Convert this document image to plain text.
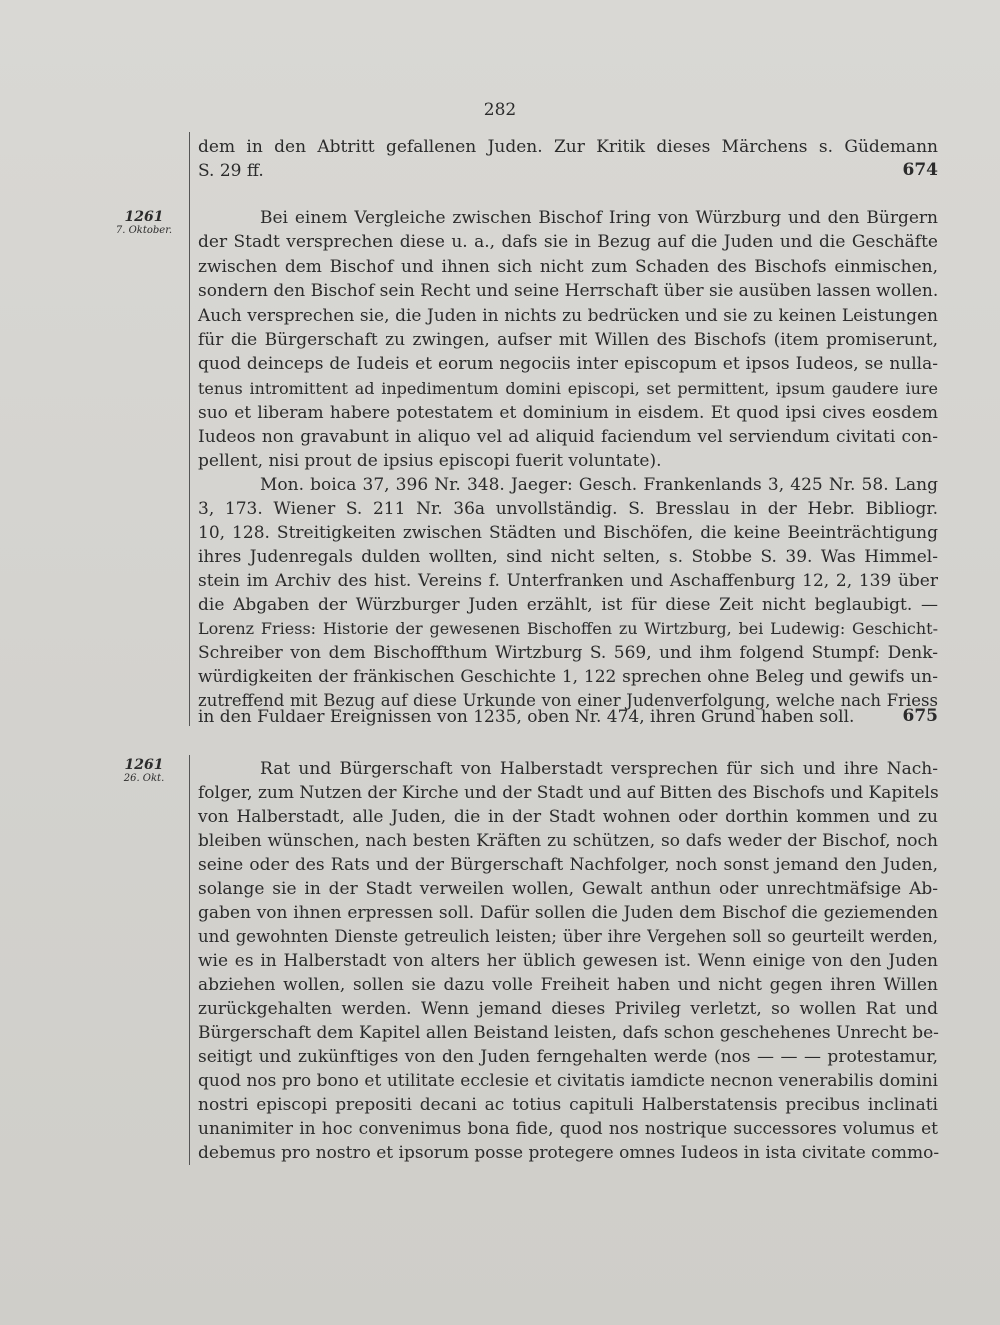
282
1261
7. Oktober.
1261
26. Okt.
674
675
dem in den Abtritt gefallenen Juden. Zur Kritik dieses Märchens s. Güdemann
S. 29 ff.
Bei einem Vergleiche zwischen Bischof Iring von Würzburg und den Bürgern
der Stadt versprechen diese u. a., dafs sie in Bezug auf die Juden und die Geschäfte
zwischen dem Bischof und ihnen sich nicht zum Schaden des Bischofs einmischen,
sondern den Bischof sein Recht und seine Herrschaft über sie ausüben lassen wollen.
Auch versprechen sie, die Juden in nichts zu bedrücken und sie zu keinen Leistungen
für die Bürgerschaft zu zwingen, aufser mit Willen des Bischofs (item promiserunt,
quod deinceps de Iudeis et eorum negociis inter episcopum et ipsos Iudeos, se nulla-
tenus intromittent ad inpedimentum domini episcopi, set permittent, ipsum gaudere iure
suo et liberam habere potestatem et dominium in eisdem. Et quod ipsi cives eosdem
Iudeos non gravabunt in aliquo vel ad aliquid faciendum vel serviendum civitati con-
pellent, nisi prout de ipsius episcopi fuerit voluntate).
Mon. boica 37, 396 Nr. 348. Jaeger: Gesch. Frankenlands 3, 425 Nr. 58. Lang
3, 173. Wiener S. 211 Nr. 36a unvollständig. S. Bresslau in der Hebr. Bibliogr.
10, 128. Streitigkeiten zwischen Städten und Bischöfen, die keine Beeinträchtigung
ihres Judenregals dulden wollten, sind nicht selten, s. Stobbe S. 39. Was Himmel-
stein im Archiv des hist. Vereins f. Unterfranken und Aschaffenburg 12, 2, 139 über
die Abgaben der Würzburger Juden erzählt, ist für diese Zeit nicht beglaubigt. —
Lorenz Friess: Historie der gewesenen Bischoffen zu Wirtzburg, bei Ludewig: Geschicht-
Schreiber von dem Bischoffthum Wirtzburg S. 569, und ihm folgend Stumpf: Denk-
würdigkeiten der fränkischen Geschichte 1, 122 sprechen ohne Beleg und gewifs un-
zutreffend mit Bezug auf diese Urkunde von einer Judenverfolgung, welche nach Friess
in den Fuldaer Ereignissen von 1235, oben Nr. 474, ihren Grund haben soll.
Rat und Bürgerschaft von Halberstadt versprechen für sich und ihre Nach-
folger, zum Nutzen der Kirche und der Stadt und auf Bitten des Bischofs und Kapitels
von Halberstadt, alle Juden, die in der Stadt wohnen oder dorthin kommen und zu
bleiben wünschen, nach besten Kräften zu schützen, so dafs weder der Bischof, noch
seine oder des Rats und der Bürgerschaft Nachfolger, noch sonst jemand den Juden,
solange sie in der Stadt verweilen wollen, Gewalt anthun oder unrechtmäfsige Ab-
gaben von ihnen erpressen soll. Dafür sollen die Juden dem Bischof die geziemenden
und gewohnten Dienste getreulich leisten; über ihre Vergehen soll so geurteilt werden,
wie es in Halberstadt von alters her üblich gewesen ist. Wenn einige von den Juden
abziehen wollen, sollen sie dazu volle Freiheit haben und nicht gegen ihren Willen
zurückgehalten werden. Wenn jemand dieses Privileg verletzt, so wollen Rat und
Bürgerschaft dem Kapitel allen Beistand leisten, dafs schon geschehenes Unrecht be-
seitigt und zukünftiges von den Juden ferngehalten werde (nos — — — protestamur,
quod nos pro bono et utilitate ecclesie et civitatis iamdicte necnon venerabilis domini
nostri episcopi prepositi decani ac totius capituli Halberstatensis precibus inclinati
unanimiter in hoc convenimus bona fide, quod nos nostrique successores volumus et
debemus pro nostro et ipsorum posse protegere omnes Iudeos in ista civitate commo-
